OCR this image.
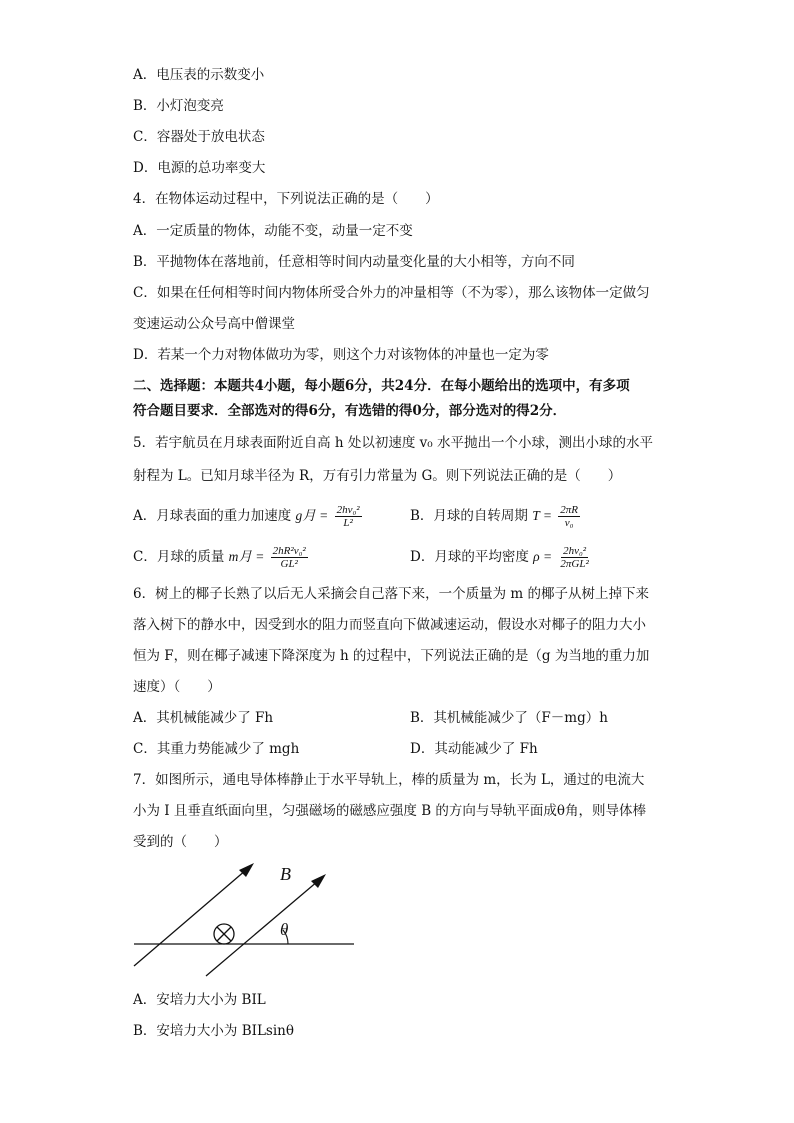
A．电压表的示数变小
B．小灯泡变亮
C．容器处于放电状态
D．电源的总功率变大
4．在物体运动过程中，下列说法正确的是（　　）
A．一定质量的物体，动能不变，动量一定不变
B．平抛物体在落地前，任意相等时间内动量变化量的大小相等，方向不同
C．如果在任何相等时间内物体所受合外力的冲量相等（不为零），那么该物体一定做匀
变速运动公众号高中僧课堂
D．若某一个力对物体做功为零，则这个力对该物体的冲量也一定为零
二、选择题：本题共4小题，每小题6分，共24分．在每小题给出的选项中，有多项
符合题目要求．全部选对的得6分，有选错的得0分，部分选对的得2分．
5．若宇航员在月球表面附近自高 h 处以初速度 v₀ 水平抛出一个小球，测出小球的水平
射程为 L。已知月球半径为 R，万有引力常量为 G。则下列说法正确的是（　　）
A．月球表面的重力加速度 g月 = $\frac{\text{2hv₀²}}{\text{L²}}$	B．月球的自转周期 $T = \frac{2\pi R}{\text{v₀}}$
C．月球的质量 m月 = $\frac{\text{2hR²v₀²}}{\text{GL²}}$	D．月球的平均密度 $\rho = \frac{\text{2hv₀²}}{\text{2πGL²}}$
6．树上的椰子长熟了以后无人采摘会自己落下来，一个质量为 m 的椰子从树上掉下来
落入树下的静水中，因受到水的阻力而竖直向下做减速运动，假设水对椰子的阻力大小
恒为 F，则在椰子减速下降深度为 h 的过程中，下列说法正确的是（g 为当地的重力加
速度）（　　）
A．其机械能减少了 Fh	B．其机械能减少了（F－mg）h
C．其重力势能减少了 mgh	D．其动能减少了 Fh
7．如图所示，通电导体棒静止于水平导轨上，棒的质量为 m，长为 L，通过的电流大
小为 I 且垂直纸面向里，匀强磁场的磁感应强度 B 的方向与导轨平面成θ角，则导体棒
受到的（　　）
B
θ
A．安培力大小为 BIL
B．安培力大小为 BILsinθ
